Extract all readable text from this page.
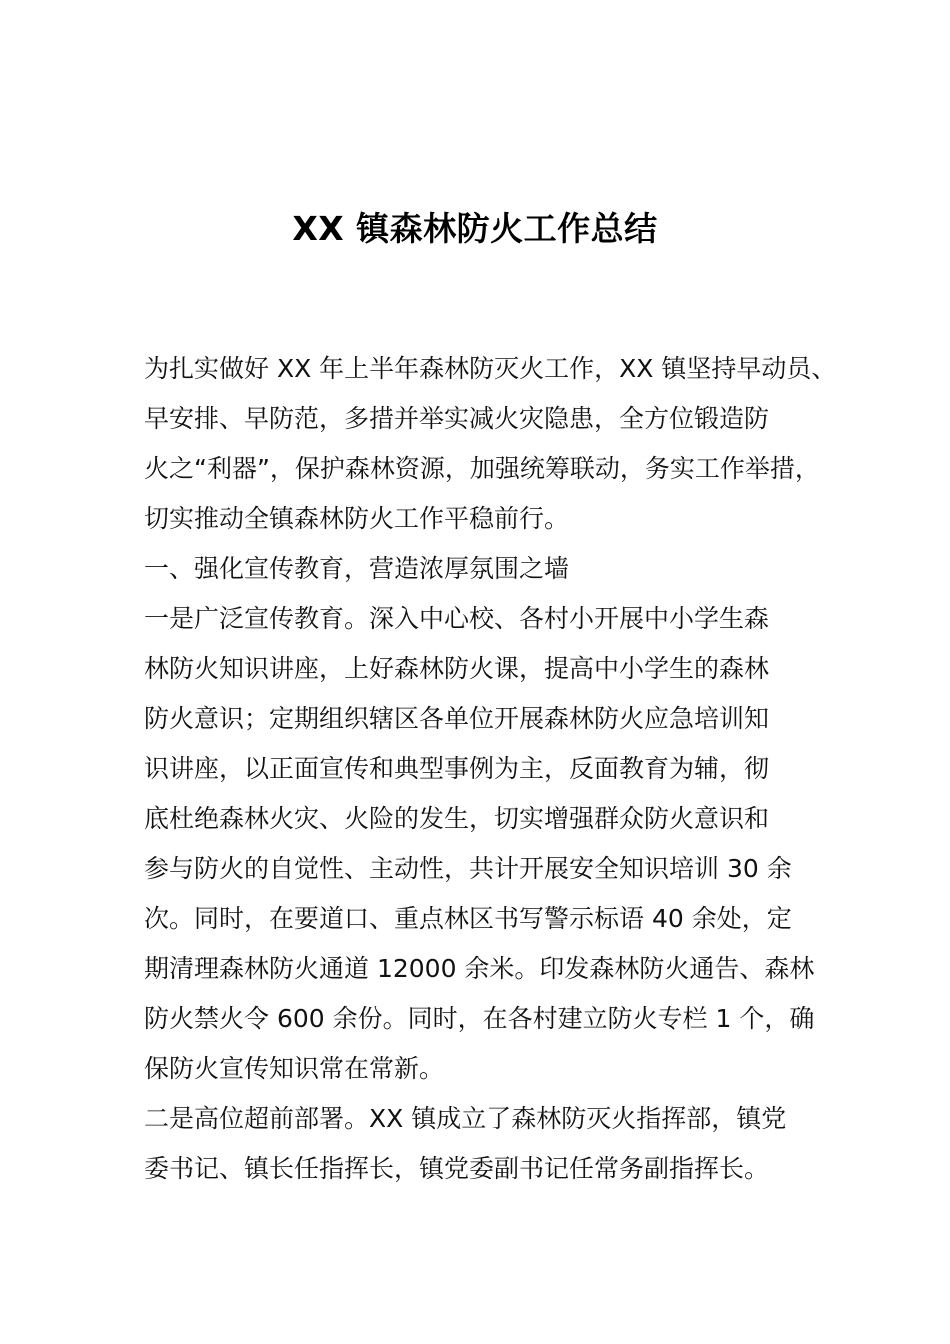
XX 镇森林防火工作总结
为扎实做好 XX 年上半年森林防灭火工作，XX 镇坚持早动员、
早安排、早防范，多措并举实减火灾隐患，全方位锻造防
火之“利器”，保护森林资源，加强统筹联动，务实工作举措，
切实推动全镇森林防火工作平稳前行。
一、强化宣传教育，营造浓厚氛围之墙
一是广泛宣传教育。深入中心校、各村小开展中小学生森
林防火知识讲座，上好森林防火课，提高中小学生的森林
防火意识；定期组织辖区各单位开展森林防火应急培训知
识讲座，以正面宣传和典型事例为主，反面教育为辅，彻
底杜绝森林火灾、火险的发生，切实增强群众防火意识和
参与防火的自觉性、主动性，共计开展安全知识培训 30 余
次。同时，在要道口、重点林区书写警示标语 40 余处，定
期清理森林防火通道 12000 余米。印发森林防火通告、森林
防火禁火令 600 余份。同时，在各村建立防火专栏 1 个，确
保防火宣传知识常在常新。
二是高位超前部署。XX 镇成立了森林防灭火指挥部，镇党
委书记、镇长任指挥长，镇党委副书记任常务副指挥长。
